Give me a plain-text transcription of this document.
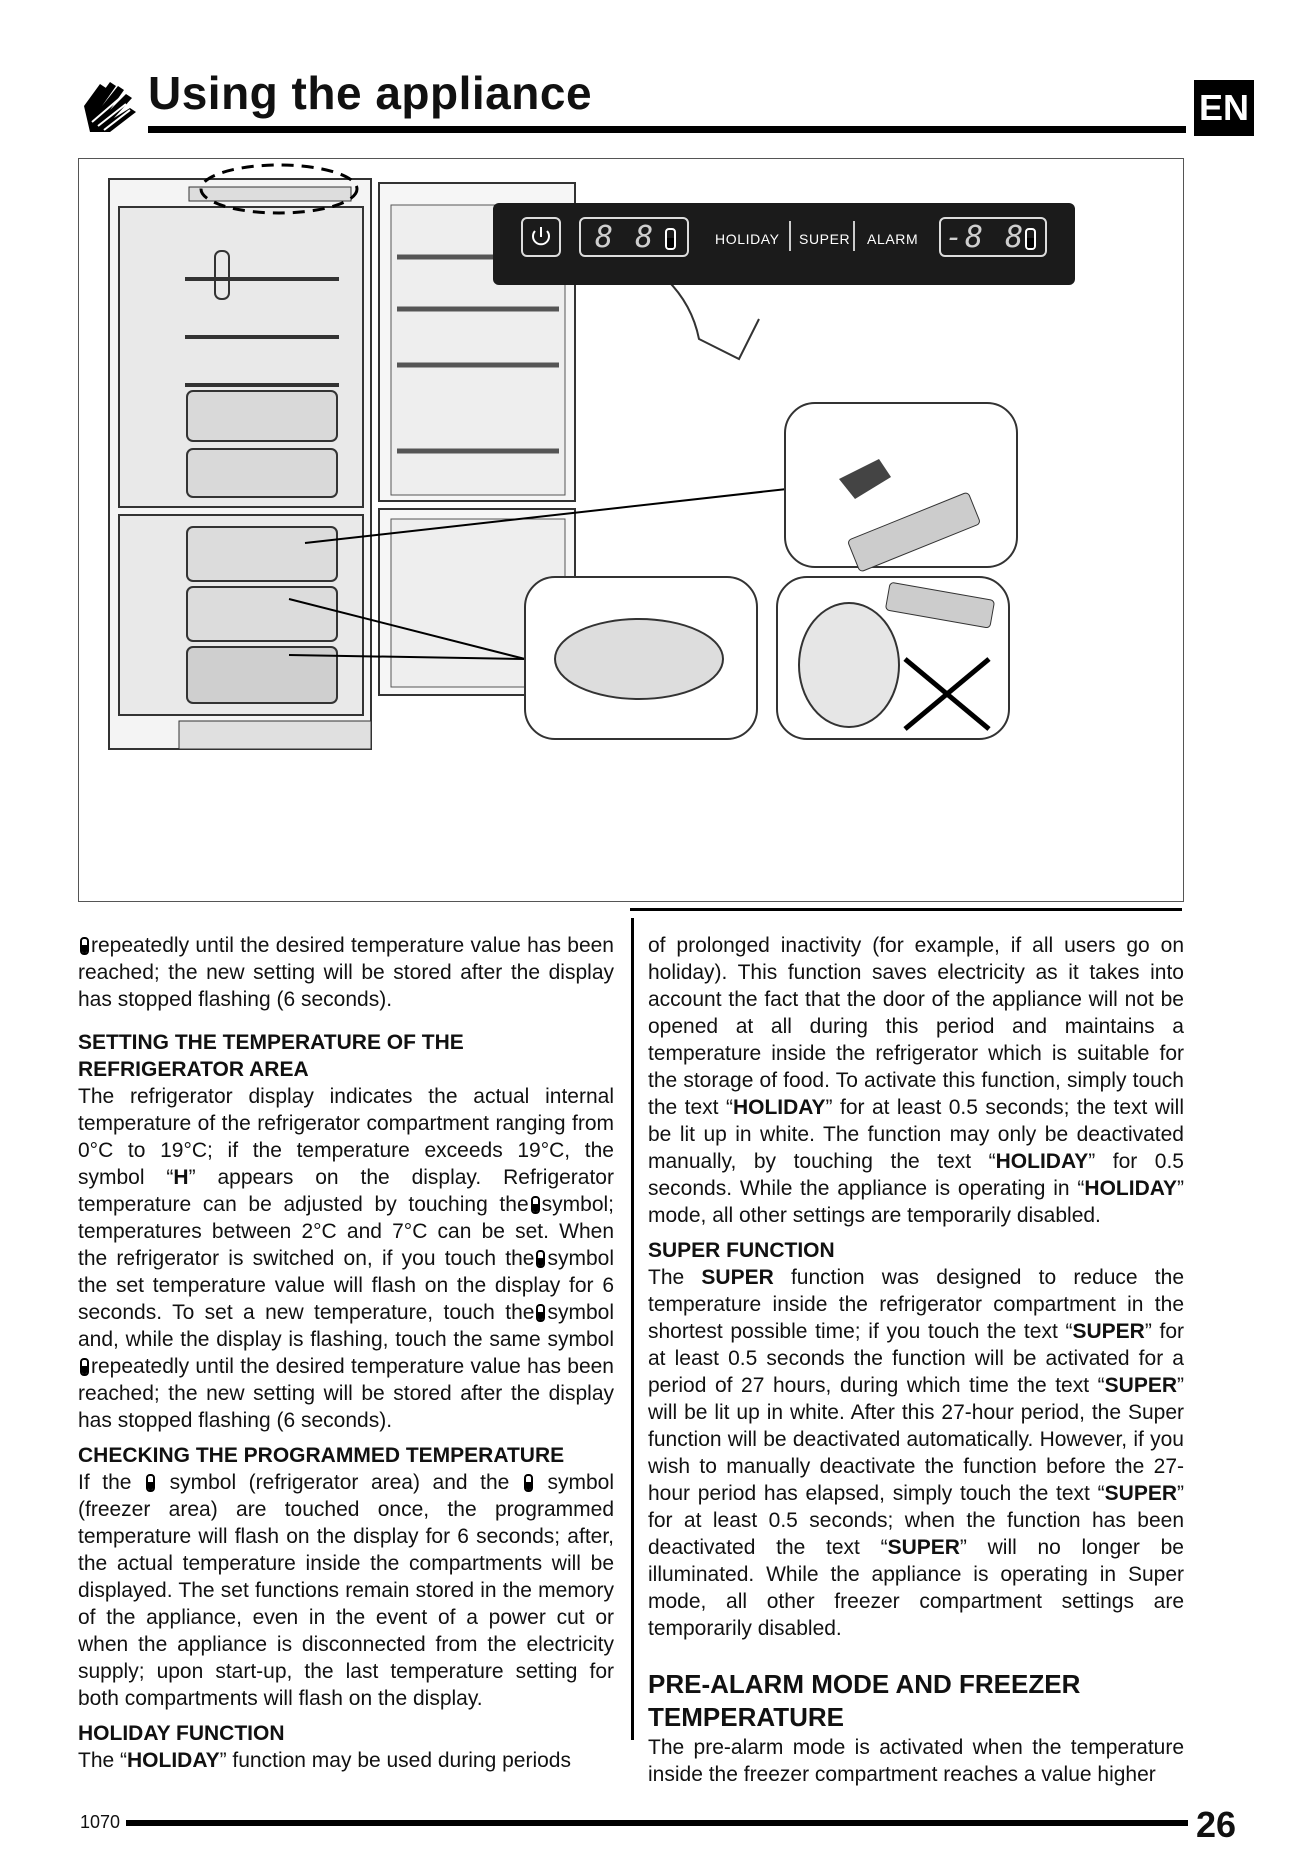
Using the appliance	EN
8 8	HOLIDAY SUPER ALARM -8 8

repeatedly until the desired temperature value has been reached; the new setting will be stored after the display has stopped flashing (6 seconds).

SETTING THE TEMPERATURE OF THE REFRIGERATOR AREA

The refrigerator display indicates the actual internal temperature of the refrigerator compartment ranging from 0°C to 19°C; if the temperature exceeds 19°C, the symbol “H” appears on the display. Refrigerator temperature can be adjusted by touching the symbol; temperatures between 2°C and 7°C can be set. When the refrigerator is switched on, if you touch the symbol the set temperature value will flash on the display for 6 seconds. To set a new temperature, touch the symbol and, while the display is flashing, touch the same symbolrepeatedly until the desired temperature value has been reached; the new setting will be stored after the display has stopped flashing (6 seconds).

CHECKING THE PROGRAMMED TEMPERATURE

If the symbol (refrigerator area) and the symbol (freezer area) are touched once, the programmed temperature will flash on the display for 6 seconds; after, the actual temperature inside the compartments will be displayed. The set functions remain stored in the memory of the appliance, even in the event of a power cut or when the appliance is disconnected from the electricity supply; upon start-up, the last temperature setting for both compartments will flash on the display.

HOLIDAY FUNCTION

The “HOLIDAY” function may be used during periods

of prolonged inactivity (for example, if all users go on holiday). This function saves electricity as it takes into account the fact that the door of the appliance will not be opened at all during this period and maintains a temperature inside the refrigerator which is suitable for the storage of food. To activate this function, simply touch the text “HOLIDAY” for at least 0.5 seconds; the text will be lit up in white. The function may only be deactivated manually, by touching the text “HOLIDAY” for 0.5 seconds. While the appliance is operating in “HOLIDAY” mode, all other settings are temporarily disabled.

SUPER FUNCTION

The SUPER function was designed to reduce the temperature inside the refrigerator compartment in the shortest possible time; if you touch the text “SUPER” for at least 0.5 seconds the function will be activated for a period of 27 hours, during which time the text “SUPER” will be lit up in white. After this 27-hour period, the Super function will be deactivated automatically. However, if you wish to manually deactivate the function before the 27-hour period has elapsed, simply touch the text “SUPER” for at least 0.5 seconds; when the function has been deactivated the text “SUPER” will no longer be illuminated. While the appliance is operating in Super mode, all other freezer compartment settings are temporarily disabled.

PRE-ALARM MODE AND FREEZER TEMPERATURE

The pre-alarm mode is activated when the temperature inside the freezer compartment reaches a value higher

1070	26
